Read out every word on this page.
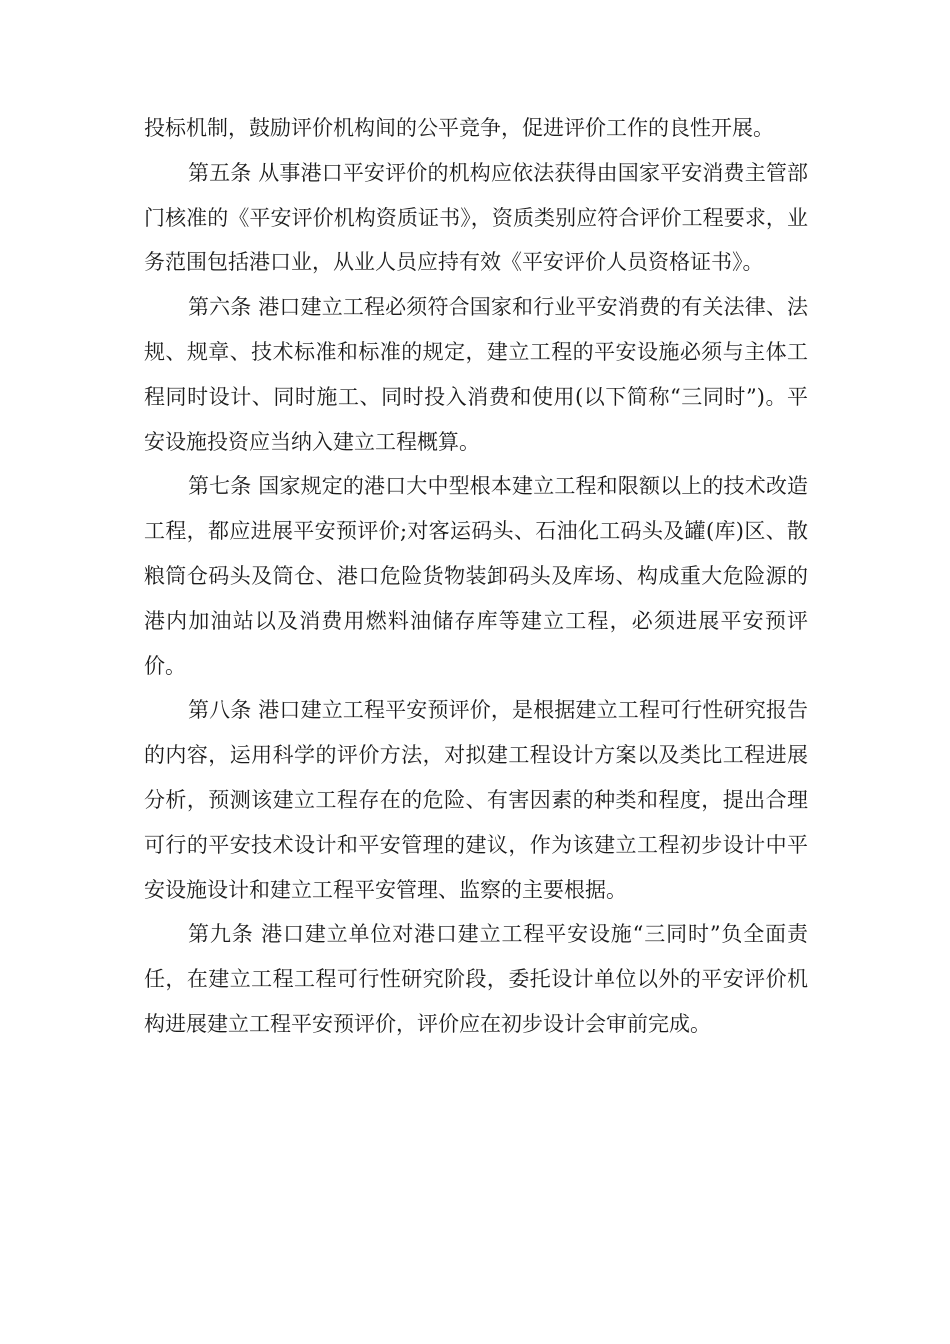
投标机制，鼓励评价机构间的公平竞争，促进评价工作的良性开展。

第五条 从事港口平安评价的机构应依法获得由国家平安消费主管部门核准的《平安评价机构资质证书》，资质类别应符合评价工程要求，业务范围包括港口业，从业人员应持有效《平安评价人员资格证书》。

第六条 港口建立工程必须符合国家和行业平安消费的有关法律、法规、规章、技术标准和标准的规定，建立工程的平安设施必须与主体工程同时设计、同时施工、同时投入消费和使用(以下简称“三同时”)。平安设施投资应当纳入建立工程概算。

第七条 国家规定的港口大中型根本建立工程和限额以上的技术改造工程，都应进展平安预评价;对客运码头、石油化工码头及罐(库)区、散粮筒仓码头及筒仓、港口危险货物装卸码头及库场、构成重大危险源的港内加油站以及消费用燃料油储存库等建立工程，必须进展平安预评价。

第八条 港口建立工程平安预评价，是根据建立工程可行性研究报告的内容，运用科学的评价方法，对拟建工程设计方案以及类比工程进展分析，预测该建立工程存在的危险、有害因素的种类和程度，提出合理可行的平安技术设计和平安管理的建议，作为该建立工程初步设计中平安设施设计和建立工程平安管理、监察的主要根据。

第九条 港口建立单位对港口建立工程平安设施“三同时”负全面责任，在建立工程工程可行性研究阶段，委托设计单位以外的平安评价机构进展建立工程平安预评价，评价应在初步设计会审前完成。
